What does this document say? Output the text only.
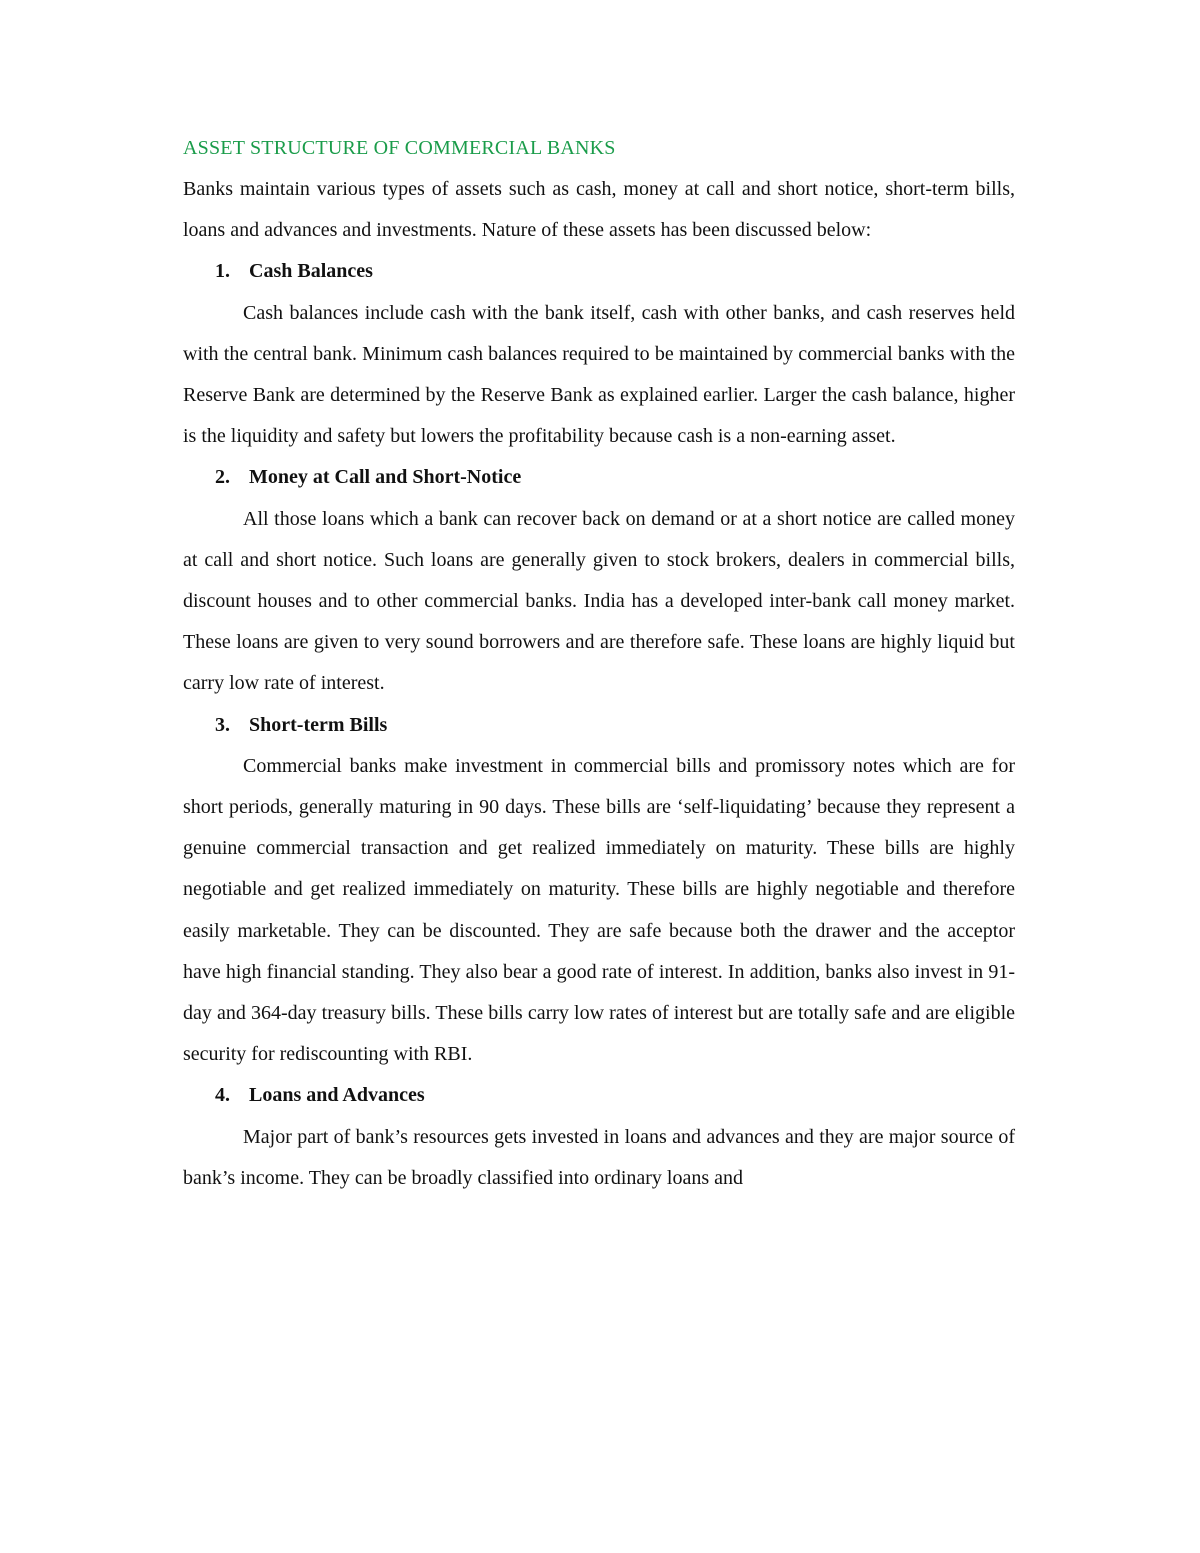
ASSET STRUCTURE OF COMMERCIAL BANKS

Banks maintain various types of assets such as cash, money at call and short notice, short-term bills, loans and advances and investments. Nature of these assets has been discussed below:

1. Cash Balances

Cash balances include cash with the bank itself, cash with other banks, and cash reserves held with the central bank. Minimum cash balances required to be maintained by commercial banks with the Reserve Bank are determined by the Reserve Bank as explained earlier. Larger the cash balance, higher is the liquidity and safety but lowers the profitability because cash is a non-earning asset.

2. Money at Call and Short-Notice

All those loans which a bank can recover back on demand or at a short notice are called money at call and short notice. Such loans are generally given to stock brokers, dealers in commercial bills, discount houses and to other commercial banks. India has a developed inter-bank call money market. These loans are given to very sound borrowers and are therefore safe. These loans are highly liquid but carry low rate of interest.

3. Short-term Bills

Commercial banks make investment in commercial bills and promissory notes which are for short periods, generally maturing in 90 days. These bills are ‘self-liquidating’ because they represent a genuine commercial transaction and get realized immediately on maturity. These bills are highly negotiable and get realized immediately on maturity. These bills are highly negotiable and therefore easily marketable. They can be discounted. They are safe because both the drawer and the acceptor have high financial standing. They also bear a good rate of interest. In addition, banks also invest in 91-day and 364-day treasury bills. These bills carry low rates of interest but are totally safe and are eligible security for rediscounting with RBI.

4. Loans and Advances

Major part of bank’s resources gets invested in loans and advances and they are major source of bank’s income. They can be broadly classified into ordinary loans and
